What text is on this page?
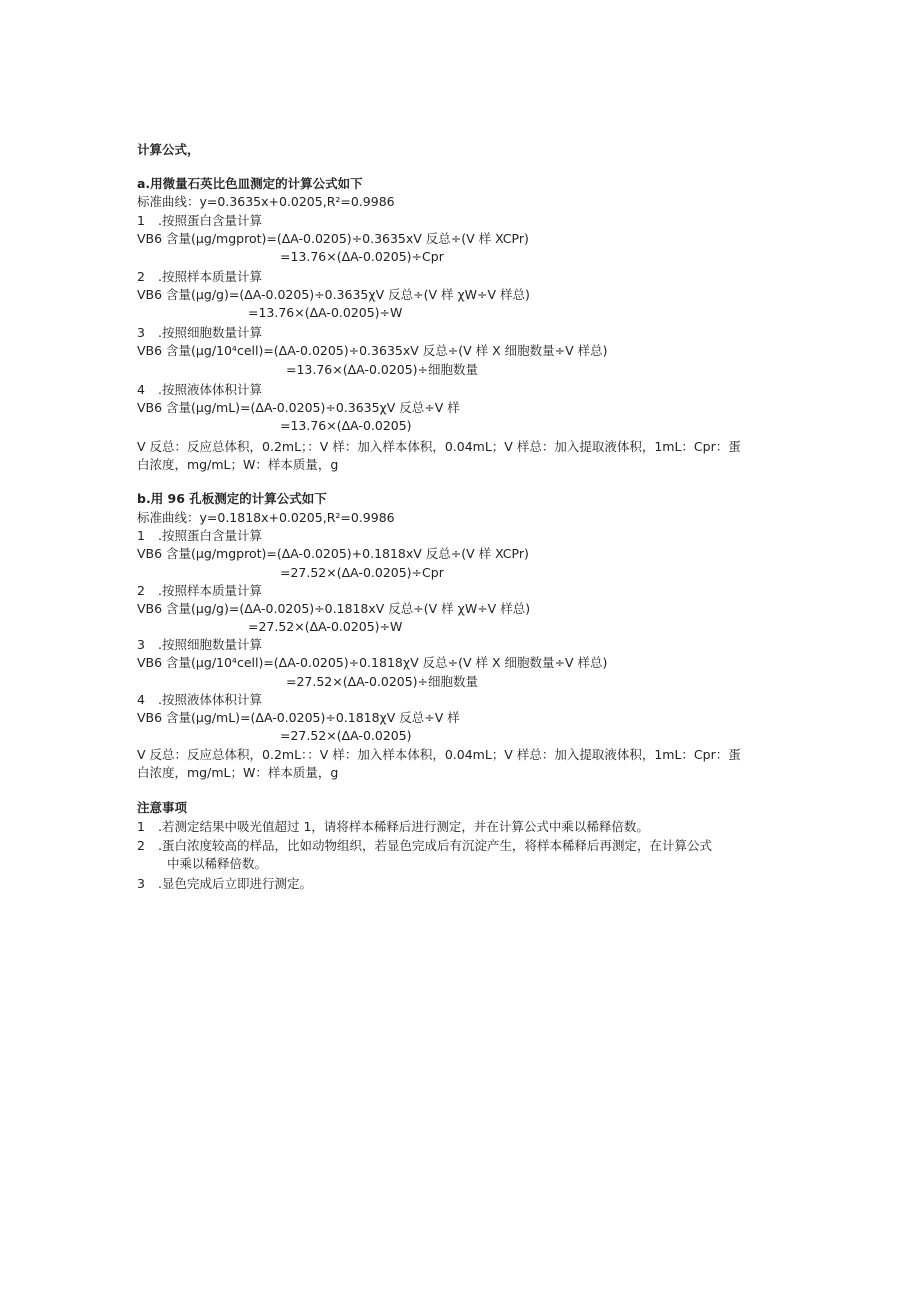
计算公式，
a.用微量石英比色皿测定的计算公式如下
标准曲线：y=0.3635x+0.0205,R²=0.9986
1 .按照蛋白含量计算
VB6 含量(μg/mgprot)=(ΔA-0.0205)÷0.3635xV 反总÷(V 样 XCPr)
=13.76×(ΔA-0.0205)÷Cpr
2 .按照样本质量计算
VB6 含量(μg/g)=(ΔA-0.0205)÷0.3635χV 反总÷(V 样 χW÷V 样总)
=13.76×(ΔA-0.0205)÷W
3 .按照细胞数量计算
VB6 含量(μg/10⁴cell)=(ΔA-0.0205)÷0.3635xV 反总÷(V 样 X 细胞数量÷V 样总)
=13.76×(ΔA-0.0205)÷细胞数量
4 .按照液体体积计算
VB6 含量(μg/mL)=(ΔA-0.0205)÷0.3635χV 反总÷V 样
=13.76×(ΔA-0.0205)
V 反总：反应总体积，0.2mL；：V 样：加入样本体积，0.04mL；V 样总：加入提取液体积，1mL：Cpr：蛋
白浓度，mg/mL；W：样本质量，g
b.用 96 孔板测定的计算公式如下
标准曲线：y=0.1818x+0.0205,R²=0.9986
1 .按照蛋白含量计算
VB6 含量(μg/mgprot)=(ΔA-0.0205)+0.1818xV 反总÷(V 样 XCPr)
=27.52×(ΔA-0.0205)÷Cpr
2 .按照样本质量计算
VB6 含量(μg/g)=(ΔA-0.0205)÷0.1818xV 反总÷(V 样 χW÷V 样总)
=27.52×(ΔA-0.0205)÷W
3 .按照细胞数量计算
VB6 含量(μg/10⁴cell)=(ΔA-0.0205)÷0.1818χV 反总÷(V 样 X 细胞数量÷V 样总)
=27.52×(ΔA-0.0205)÷细胞数量
4 .按照液体体积计算
VB6 含量(μg/mL)=(ΔA-0.0205)÷0.1818χV 反总÷V 样
=27.52×(ΔA-0.0205)
V 反总：反应总体积，0.2mL：：V 样：加入样本体积，0.04mL；V 样总：加入提取液体积，1mL：Cpr：蛋
白浓度，mg/mL；W：样本质量，g
注意事项
1 .若测定结果中吸光值超过 1，请将样本稀释后进行测定，并在计算公式中乘以稀释倍数。
2 .蛋白浓度较高的样品，比如动物组织，若显色完成后有沉淀产生，将样本稀释后再测定，在计算公式
中乘以稀释倍数。
3 .显色完成后立即进行测定。
